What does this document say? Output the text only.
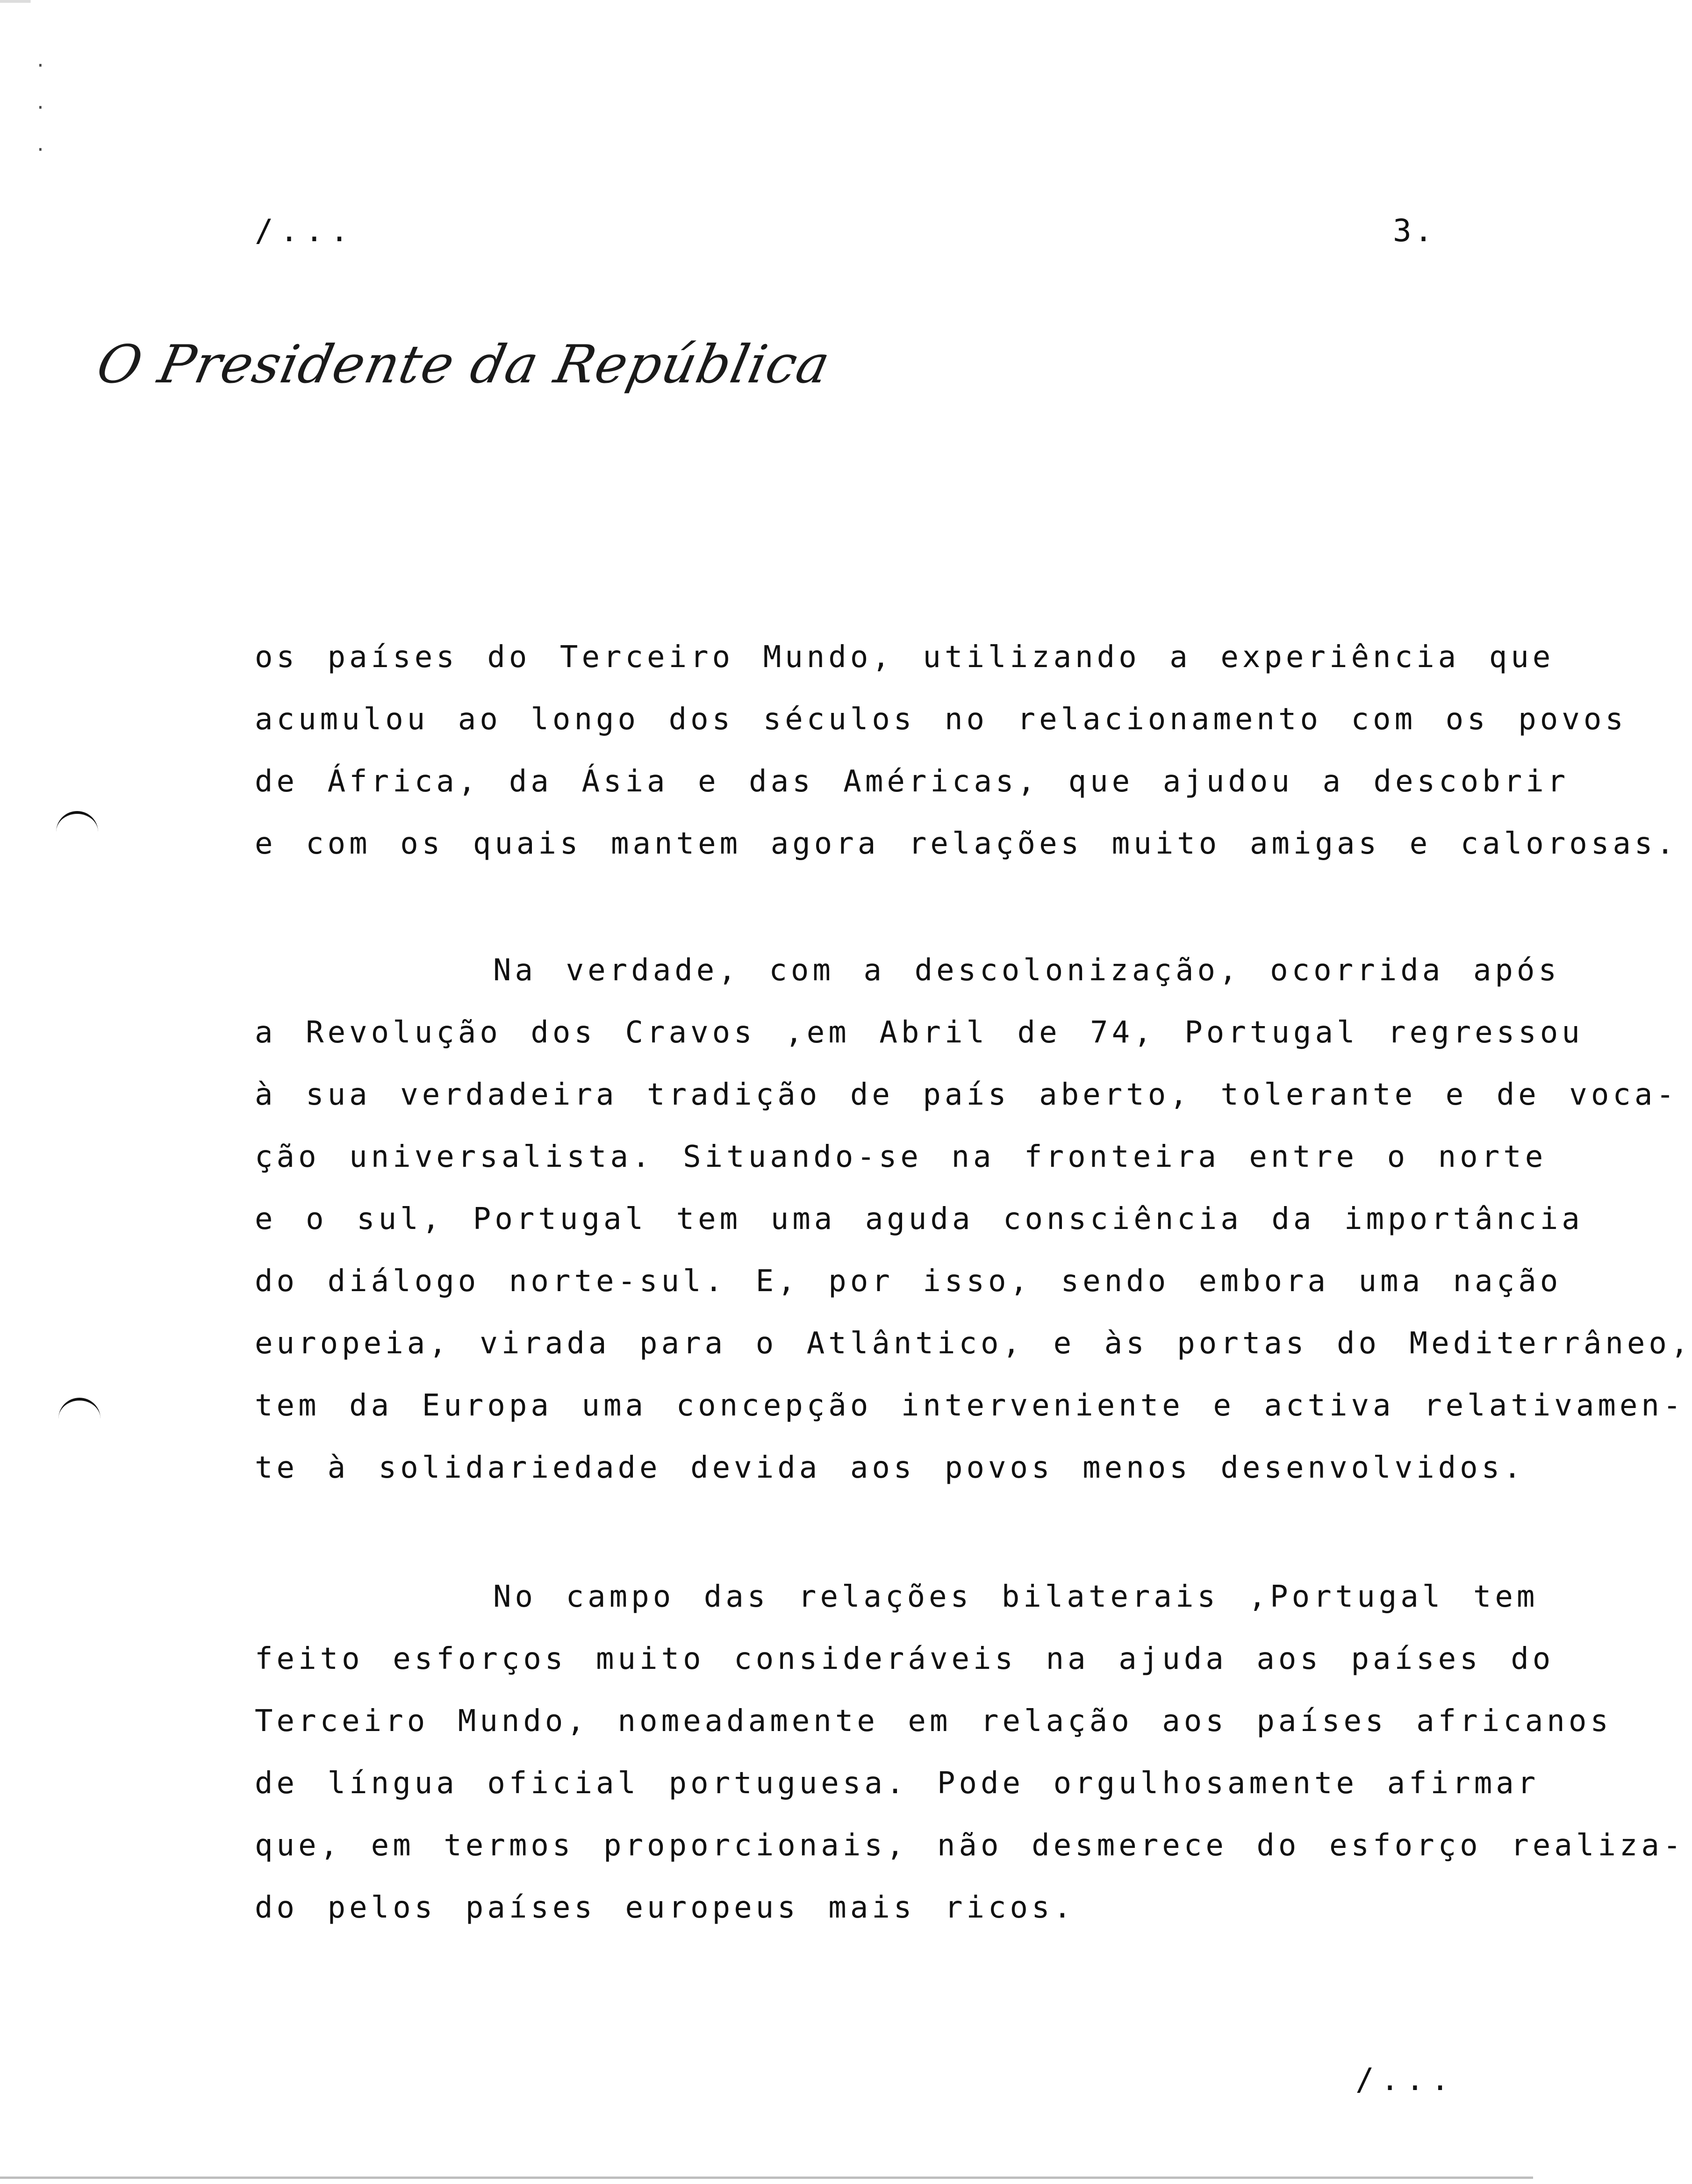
·
·
·
/...	3.
O Presidente da República
os países do Terceiro Mundo, utilizando a experiência que
acumulou ao longo dos séculos no relacionamento com os povos
de África, da Ásia e das Américas, que ajudou a descobrir
e com os quais mantem agora relações muito amigas e calorosas.
Na verdade, com a descolonização, ocorrida após
a Revolução dos Cravos ,em Abril de 74, Portugal regressou
à sua verdadeira tradição de país aberto, tolerante e de voca-
ção universalista. Situando-se na fronteira entre o norte
e o sul, Portugal tem uma aguda consciência da importância
do diálogo norte-sul. E, por isso, sendo embora uma nação
europeia, virada para o Atlântico, e às portas do Mediterrâneo,
tem da Europa uma concepção interveniente e activa relativamen-
te à solidariedade devida aos povos menos desenvolvidos.
No campo das relações bilaterais ,Portugal tem
feito esforços muito consideráveis na ajuda aos países do
Terceiro Mundo, nomeadamente em relação aos países africanos
de língua oficial portuguesa. Pode orgulhosamente afirmar
que, em termos proporcionais, não desmerece do esforço realiza-
do pelos países europeus mais ricos.
/...
